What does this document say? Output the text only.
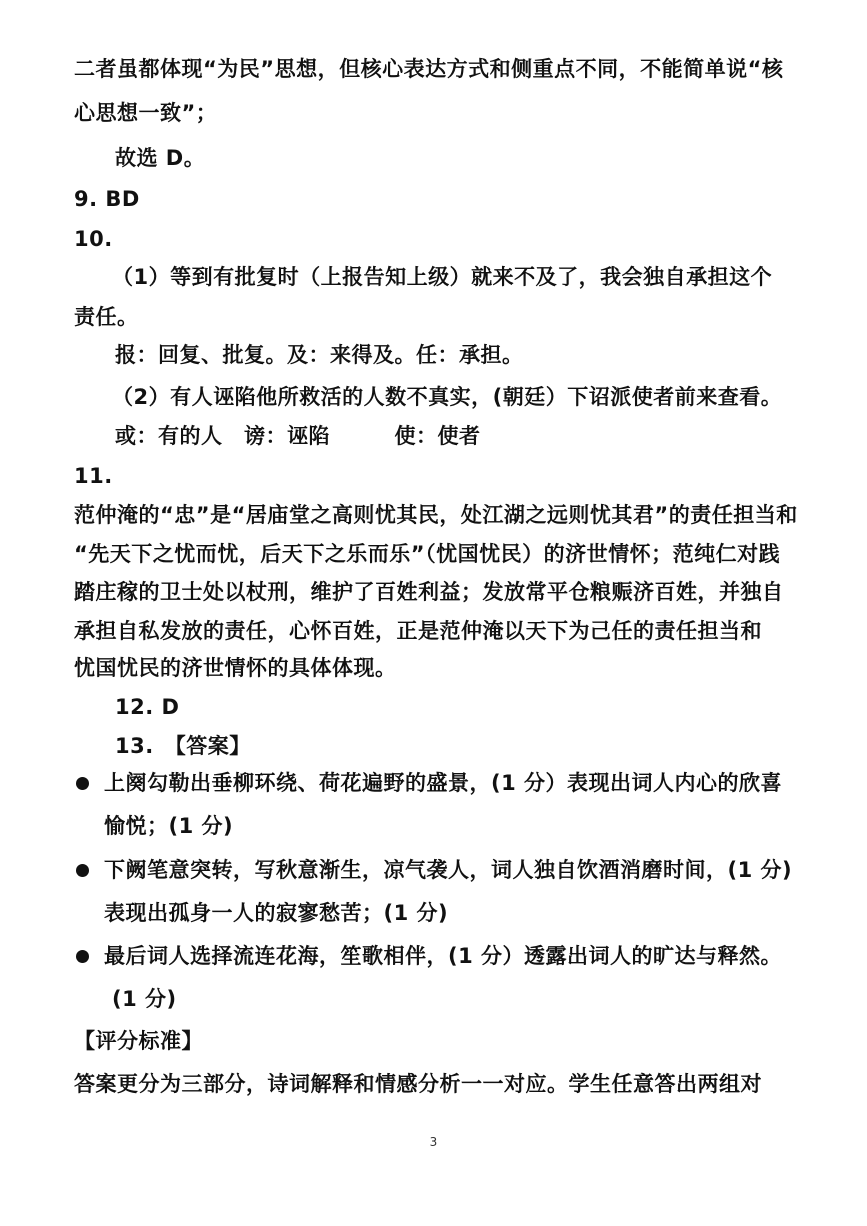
二者虽都体现“为民”思想，但核心表达方式和侧重点不同，不能简单说“核
心思想一致”；
故选 D。
9. BD
10.
（1）等到有批复时（上报告知上级）就来不及了，我会独自承担这个
责任。
报：回复、批复。及：来得及。任：承担。
（2）有人诬陷他所救活的人数不真实，(朝廷）下诏派使者前来查看。
或：有的人　谤：诬陷　　　使：使者
11.
范仲淹的“忠”是“居庙堂之高则忧其民，处江湖之远则忧其君”的责任担当和
“先天下之忧而忧，后天下之乐而乐”（忧国忧民）的济世情怀；范纯仁对践
踏庄稼的卫士处以杖刑，维护了百姓利益；发放常平仓粮赈济百姓，并独自
承担自私发放的责任，心怀百姓，正是范仲淹以天下为己任的责任担当和
忧国忧民的济世情怀的具体体现。
12. D
13.　【答案】
上阕勾勒出垂柳环绕、荷花遍野的盛景，(1 分）表现出词人内心的欣喜
愉悦；(1 分)
下阙笔意突转，写秋意渐生，凉气袭人，词人独自饮酒消磨时间，(1 分)
表现出孤身一人的寂寥愁苦；(1 分)
最后词人选择流连花海，笙歌相伴，(1 分）透露出词人的旷达与释然。
(1 分)
【评分标准】
答案更分为三部分，诗词解释和情感分析一一对应。学生任意答出两组对
3
